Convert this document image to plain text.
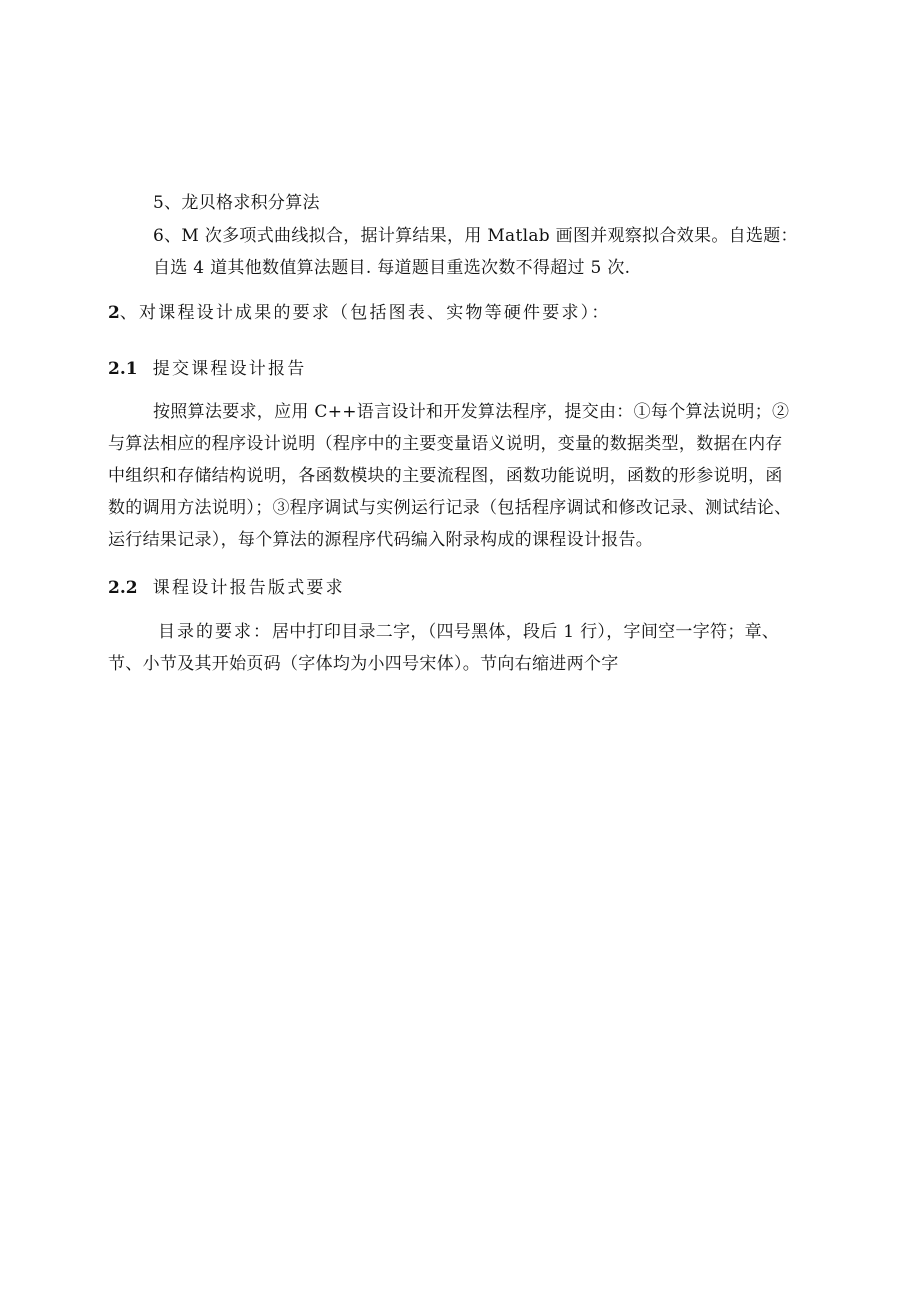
5、龙贝格求积分算法
6、M 次多项式曲线拟合，据计算结果，用 Matlab 画图并观察拟合效果。自选题：
自选 4 道其他数值算法题目. 每道题目重选次数不得超过 5 次.
2、对课程设计成果的要求（包括图表、实物等硬件要求）：
2.1 提交课程设计报告
按照算法要求，应用 C++语言设计和开发算法程序，提交由：①每个算法说明；②
与算法相应的程序设计说明（程序中的主要变量语义说明，变量的数据类型，数据在内存
中组织和存储结构说明，各函数模块的主要流程图，函数功能说明，函数的形参说明，函
数的调用方法说明）；③程序调试与实例运行记录（包括程序调试和修改记录、测试结论、
运行结果记录），每个算法的源程序代码编入附录构成的课程设计报告。
2.2 课程设计报告版式要求
目录的要求：居中打印目录二字，（四号黑体，段后 1 行），字间空一字符；章、
节、小节及其开始页码（字体均为小四号宋体）。节向右缩进两个字
